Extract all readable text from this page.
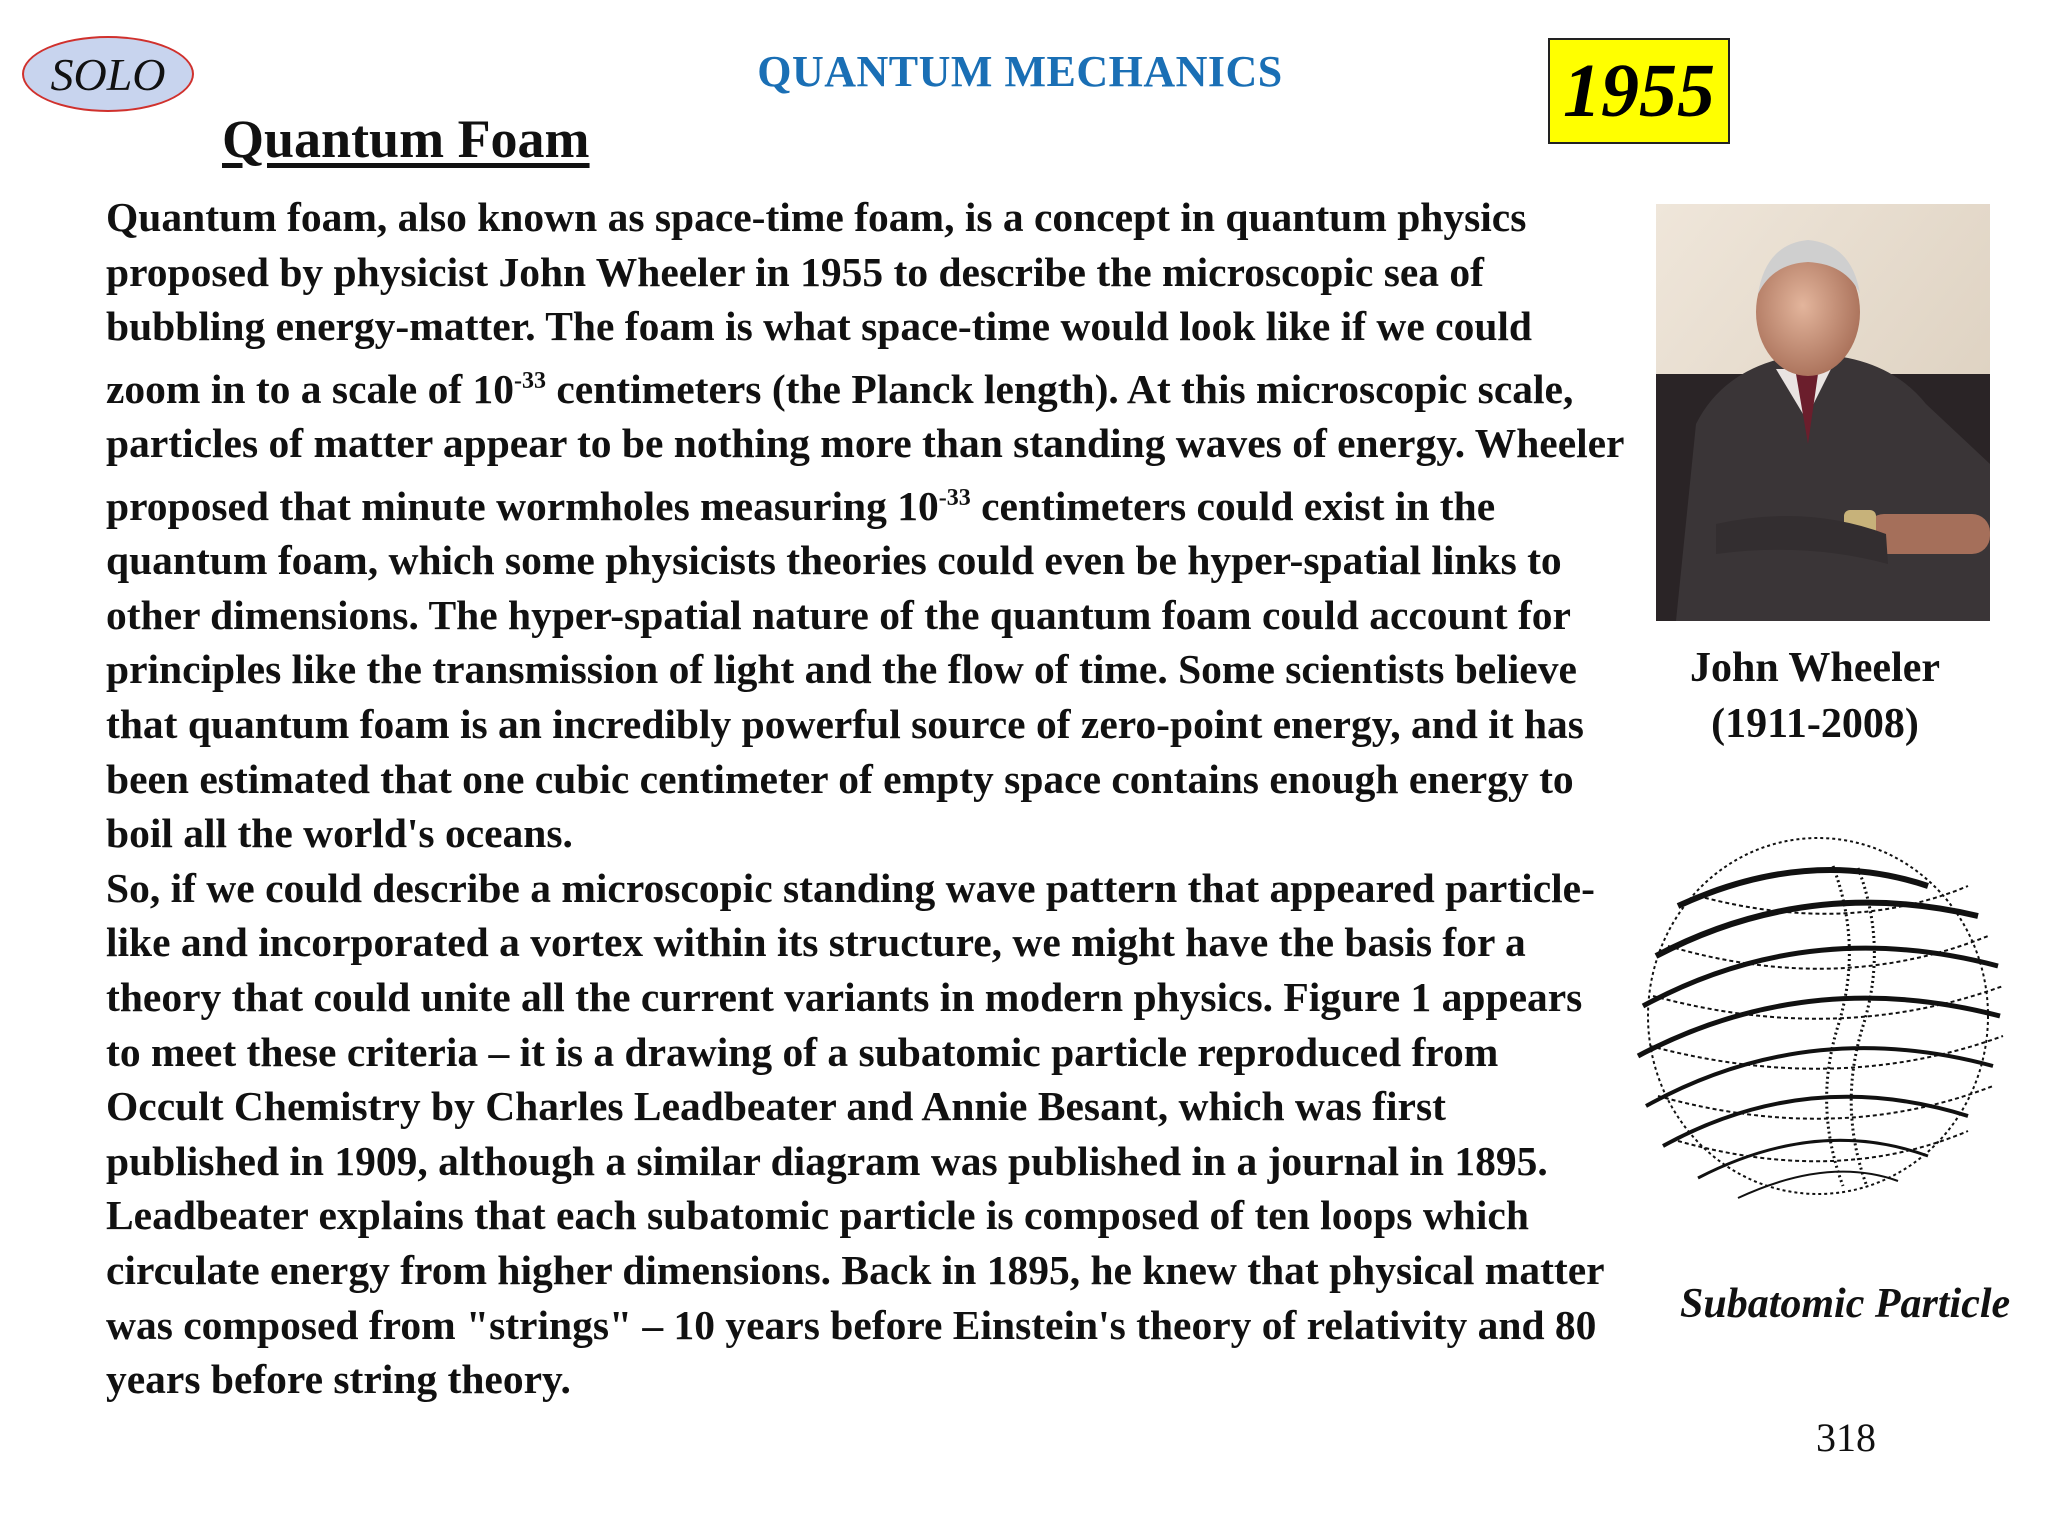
SOLO	QUANTUM MECHANICS	1955
Quantum Foam

Quantum foam, also known as space-time foam, is a concept in quantum physics proposed by physicist John Wheeler in 1955 to describe the microscopic sea of bubbling energy-matter. The foam is what space-time would look like if we could zoom in to a scale of $10^{-33}$ centimeters (the Planck length). At this microscopic scale, particles of matter appear to be nothing more than standing waves of energy. Wheeler proposed that minute wormholes measuring $10^{-33}$ centimeters could exist in the quantum foam, which some physicists theories could even be hyper-spatial links to other dimensions. The hyper-spatial nature of the quantum foam could account for principles like the transmission of light and the flow of time. Some scientists believe that quantum foam is an incredibly powerful source of zero-point energy, and it has been estimated that one cubic centimeter of empty space contains enough energy to boil all the world's oceans.

So, if we could describe a microscopic standing wave pattern that appeared particle-like and incorporated a vortex within its structure, we might have the basis for a theory that could unite all the current variants in modern physics. Figure 1 appears to meet these criteria – it is a drawing of a subatomic particle reproduced from Occult Chemistry by Charles Leadbeater and Annie Besant, which was first published in 1909, although a similar diagram was published in a journal in 1895. Leadbeater explains that each subatomic particle is composed of ten loops which circulate energy from higher dimensions. Back in 1895, he knew that physical matter was composed from "strings" – 10 years before Einstein's theory of relativity and 80 years before string theory.

John Wheeler
(1911-2008)
Subatomic Particle
318
